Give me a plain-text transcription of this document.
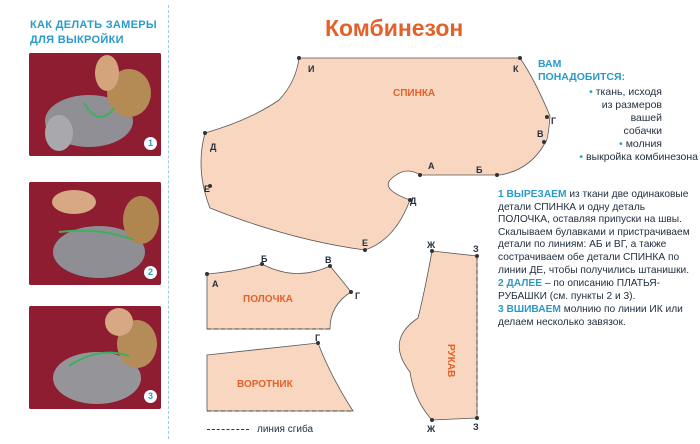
КАК ДЕЛАТЬ ЗАМЕРЫ
ДЛЯ ВЫКРОЙКИ
1
2
3
Комбинезон
СПИНКА
ПОЛОЧКА
ВОРОТНИК
РУКАВ
И	К
Г
В
Б
А
Д
Е
Д
Е
А
Б	В
Г
Г
Ж	З
Ж	З
ВАМ
ПОНАДОБИТСЯ:
• ткань, исходя
из размеров
вашей
собачки
• молния
• выкройка комбинезона

1 ВЫРЕЗАЕМ из ткани две одинаковые детали СПИНКА и одну деталь ПОЛОЧКА, оставляя припуски на швы. Скалываем булавками и пристрачиваем детали по линиям: АБ и ВГ, а также сострачиваем обе детали СПИНКА по линии ДЕ, чтобы получились штанишки.

2 ДАЛЕЕ – по описанию ПЛАТЬЯ-РУБАШКИ (см. пункты 2 и 3).

3 ВШИВАЕМ молнию по линии ИК или делаем несколько завязок.

линия сгиба
